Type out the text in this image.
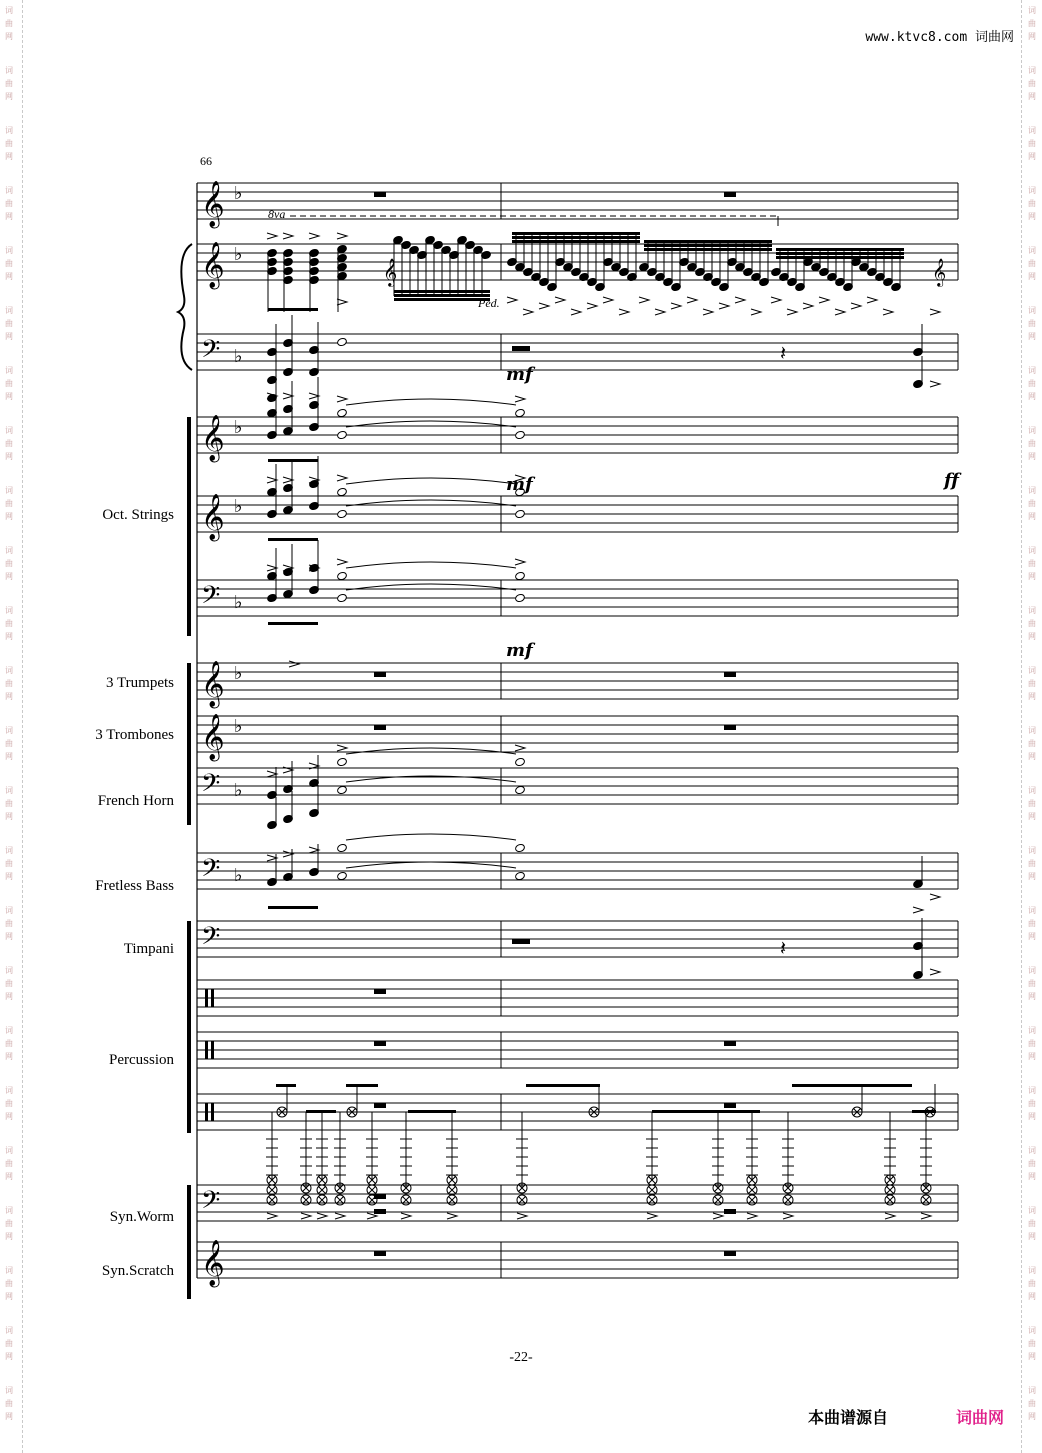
词
曲
网
词
曲
网
词
曲
网
词
曲
网
词
曲
网
词
曲
网
词
曲
网
词
曲
网
词
曲
网
词
曲
网
词
曲
网
词
曲
网
词
曲
网
词
曲
网
词
曲
网
词
曲
网
词
曲
网
词
曲
网
词
曲
网
词
曲
网
词
曲
网
词
曲
网
词
曲
网
词
曲
网
词
曲
网
词
曲
网
词
曲
网
词
曲
网
词
曲
网
词
曲
网
词
曲
网
词
曲
网
词
曲
网
词
曲
网
词
曲
网
词
曲
网
词
曲
网
词
曲
网
词
曲
网
词
曲
网
词
曲
网
词
曲
网
词
曲
网
词
曲
网
词
曲
网
词
曲
网
词
曲
网
词
曲
网
www.ktvc8.com 词曲网
66
𝄞 ♭
𝄞 ♭
𝄢 ♭
𝄞 ♭
𝄞 ♭
𝄢 ♭
𝄞 ♭
𝄞 ♭
𝄢 ♭
𝄢 ♭
𝄢
𝄢
𝄞
𝄽
𝄽
𝄞	𝄞
8va
Ped.
Oct. Strings
3 Trumpets
3 Trombones
French Horn
Fretless Bass
Timpani
Percussion
Syn.Worm
Syn.Scratch
mf
mf	ff
mf
-22-
本曲谱源自	词曲网
